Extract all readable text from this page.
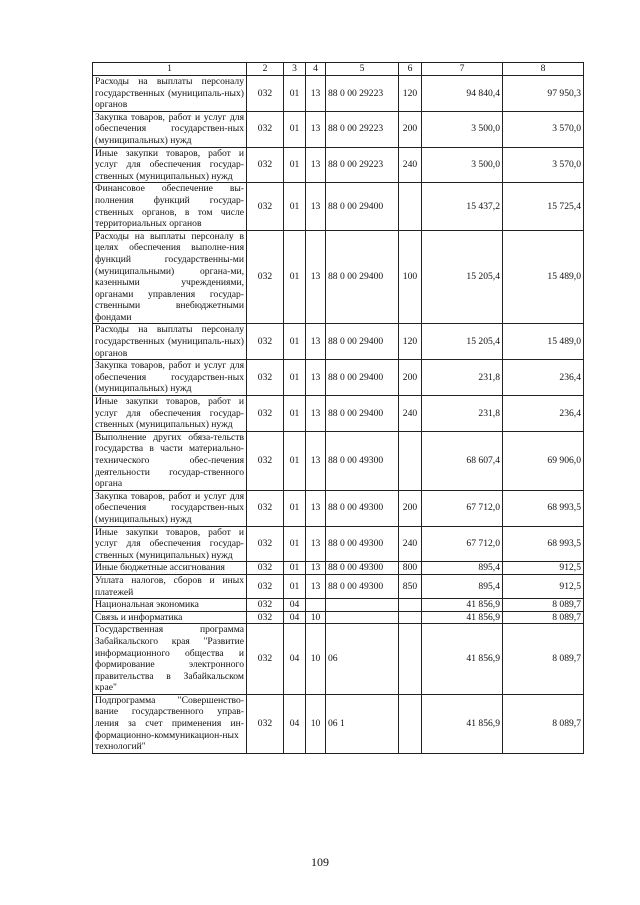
1	2	3	4	5	6	7	8
Расходы на выплаты персоналу государственных (муниципаль-ных) органов	032	01	13	88 0 00 29223	120	94 840,4	97 950,3
Закупка товаров, работ и услуг для обеспечения государствен-ных (муниципальных) нужд	032	01	13	88 0 00 29223	200	3 500,0	3 570,0
Иные закупки товаров, работ и услуг для обеспечения государ-ственных (муниципальных) нужд	032	01	13	88 0 00 29223	240	3 500,0	3 570,0
Финансовое обеспечение вы-полнения функций государ-ственных органов, в том числе территориальных органов	032	01	13	88 0 00 29400		15 437,2	15 725,4
Расходы на выплаты персоналу в целях обеспечения выполне-ния функций государственны-ми (муниципальными) органа-ми, казенными учреждениями, органами управления государ-ственными внебюджетными фондами	032	01	13	88 0 00 29400	100	15 205,4	15 489,0
Расходы на выплаты персоналу государственных (муниципаль-ных) органов	032	01	13	88 0 00 29400	120	15 205,4	15 489,0
Закупка товаров, работ и услуг для обеспечения государствен-ных (муниципальных) нужд	032	01	13	88 0 00 29400	200	231,8	236,4
Иные закупки товаров, работ и услуг для обеспечения государ-ственных (муниципальных) нужд	032	01	13	88 0 00 29400	240	231,8	236,4
Выполнение других обяза-тельств государства в части материально-технического обес-печения деятельности государ-ственного органа	032	01	13	88 0 00 49300		68 607,4	69 906,0
Закупка товаров, работ и услуг для обеспечения государствен-ных (муниципальных) нужд	032	01	13	88 0 00 49300	200	67 712,0	68 993,5
Иные закупки товаров, работ и услуг для обеспечения государ-ственных (муниципальных) нужд	032	01	13	88 0 00 49300	240	67 712,0	68 993,5
Иные бюджетные ассигнования	032	01	13	88 0 00 49300	800	895,4	912,5
Уплата налогов, сборов и иных платежей	032	01	13	88 0 00 49300	850	895,4	912,5
Национальная экономика	032	04				41 856,9	8 089,7
Связь и информатика	032	04	10			41 856,9	8 089,7
Государственная программа Забайкальского края "Развитие информационного общества и формирование электронного правительства в Забайкальском крае"	032	04	10	06		41 856,9	8 089,7
Подпрограмма "Совершенство-вание государственного управ-ления за счет применения ин-формационно-коммуникацион-ных технологий"	032	04	10	06 1		41 856,9	8 089,7
109
